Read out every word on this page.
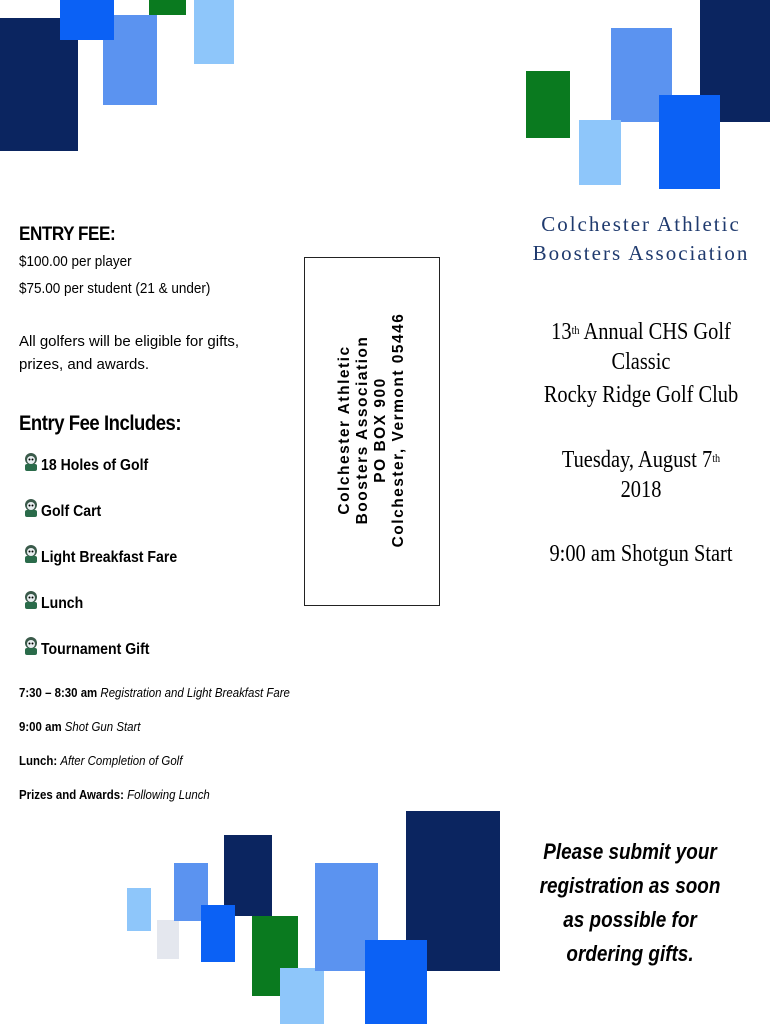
ENTRY FEE:
$100.00 per player
$75.00 per student (21 & under)
All golfers will be eligible for gifts, prizes, and awards.
Entry Fee Includes:
18 Holes of Golf
Golf Cart
Light Breakfast Fare
Lunch
Tournament Gift
7:30 – 8:30 am Registration and Light Breakfast Fare
9:00 am Shot Gun Start
Lunch: After Completion of Golf
Prizes and Awards: Following Lunch
Colchester Athletic Boosters Association PO BOX 900 Colchester, Vermont 05446
Colchester Athletic Boosters Association
13th Annual CHS Golf Classic
Rocky Ridge Golf Club
Tuesday, August 7th
2018
9:00 am Shotgun Start
Please submit your registration as soon as possible for ordering gifts.
